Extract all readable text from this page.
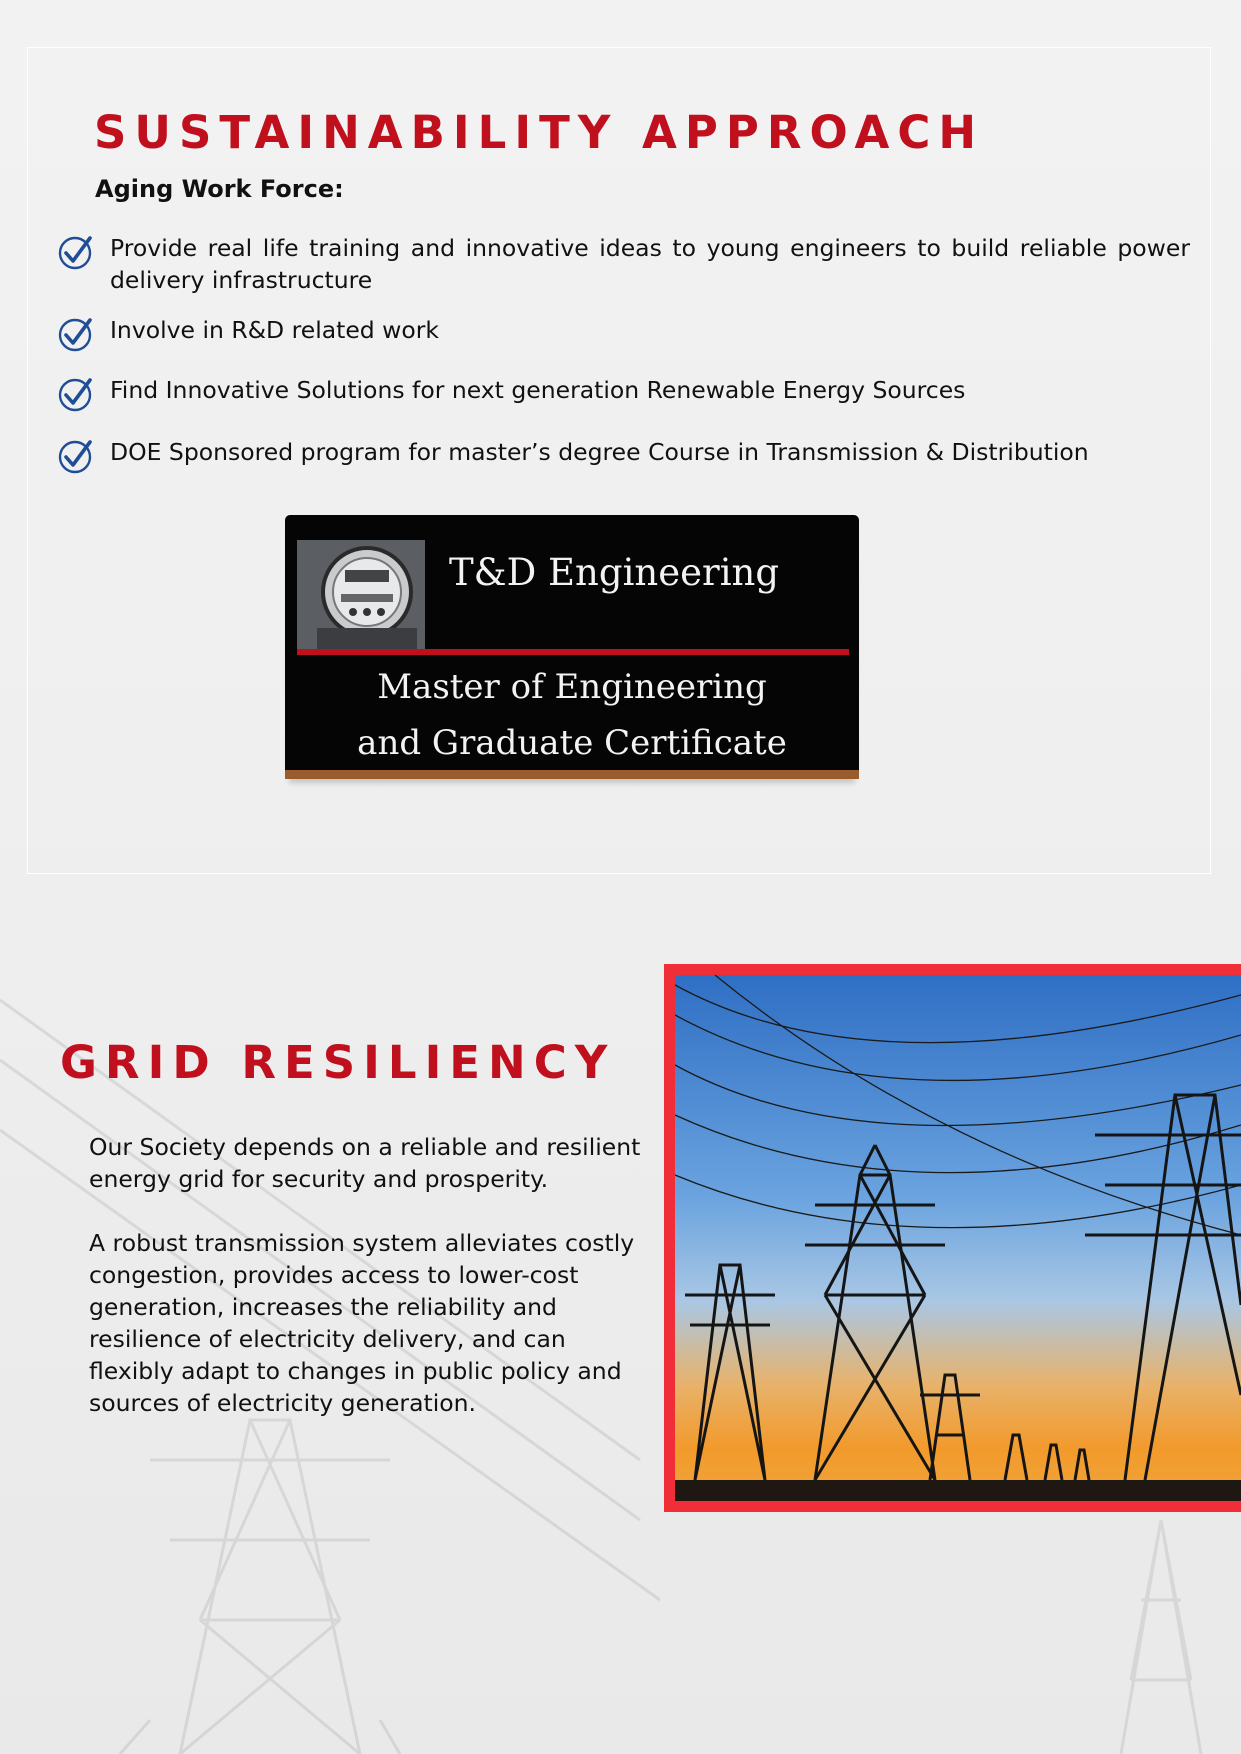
SUSTAINABILITY APPROACH
Aging Work Force:
Provide real life training and innovative ideas to young engineers to build reliable power delivery infrastructure
Involve in R&D related work
Find Innovative Solutions for next generation Renewable Energy Sources
DOE Sponsored program for master’s degree Course in Transmission & Distribution
T&D Engineering
Master of Engineering
and Graduate Certificate
GRID RESILIENCY

Our Society depends on a reliable and resilient energy grid for security and prosperity.

A robust transmission system alleviates costly congestion, provides access to lower-cost generation, increases the reliability and resilience of electricity delivery, and can flexibly adapt to changes in public policy and sources of electricity generation.
